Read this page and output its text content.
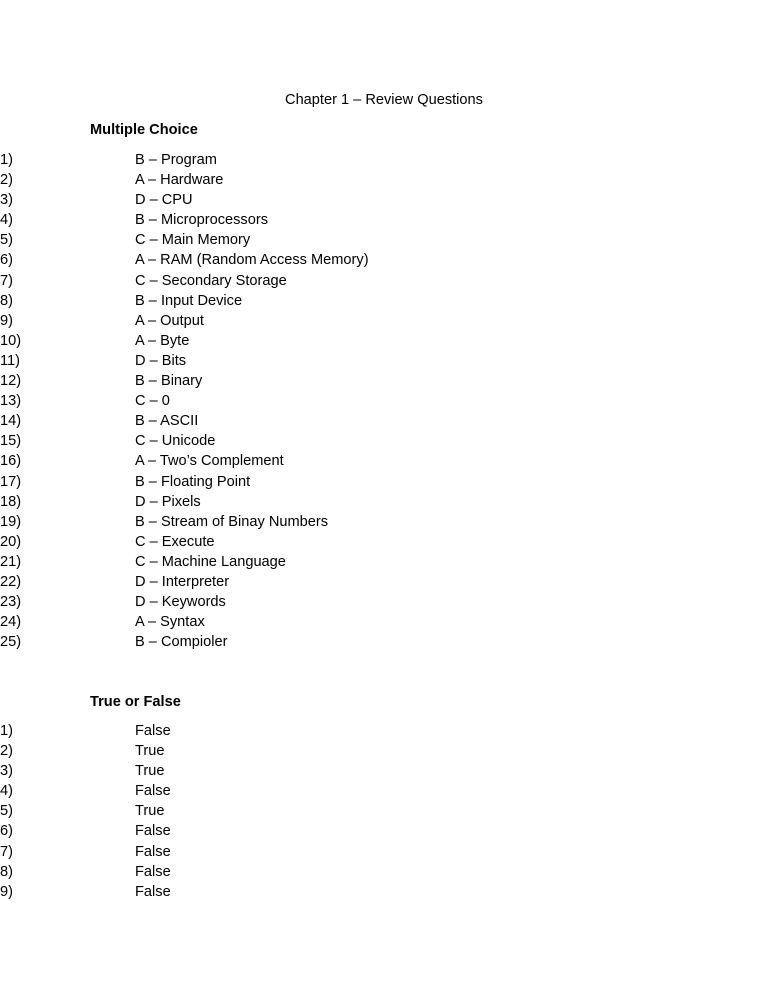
Chapter 1 – Review Questions
Multiple Choice
1)	B – Program
2)	A – Hardware
3)	D – CPU
4)	B – Microprocessors
5)	C – Main Memory
6)	A – RAM (Random Access Memory)
7)	C – Secondary Storage
8)	B – Input Device
9)	A – Output
10)	A – Byte
11)	D – Bits
12)	B – Binary
13)	C – 0
14)	B – ASCII
15)	C – Unicode
16)	A – Two’s Complement
17)	B – Floating Point
18)	D – Pixels
19)	B – Stream of Binay Numbers
20)	C – Execute
21)	C – Machine Language
22)	D – Interpreter
23)	D – Keywords
24)	A – Syntax
25)	B – Compioler
True or False
1)	False
2)	True
3)	True
4)	False
5)	True
6)	False
7)	False
8)	False
9)	False
